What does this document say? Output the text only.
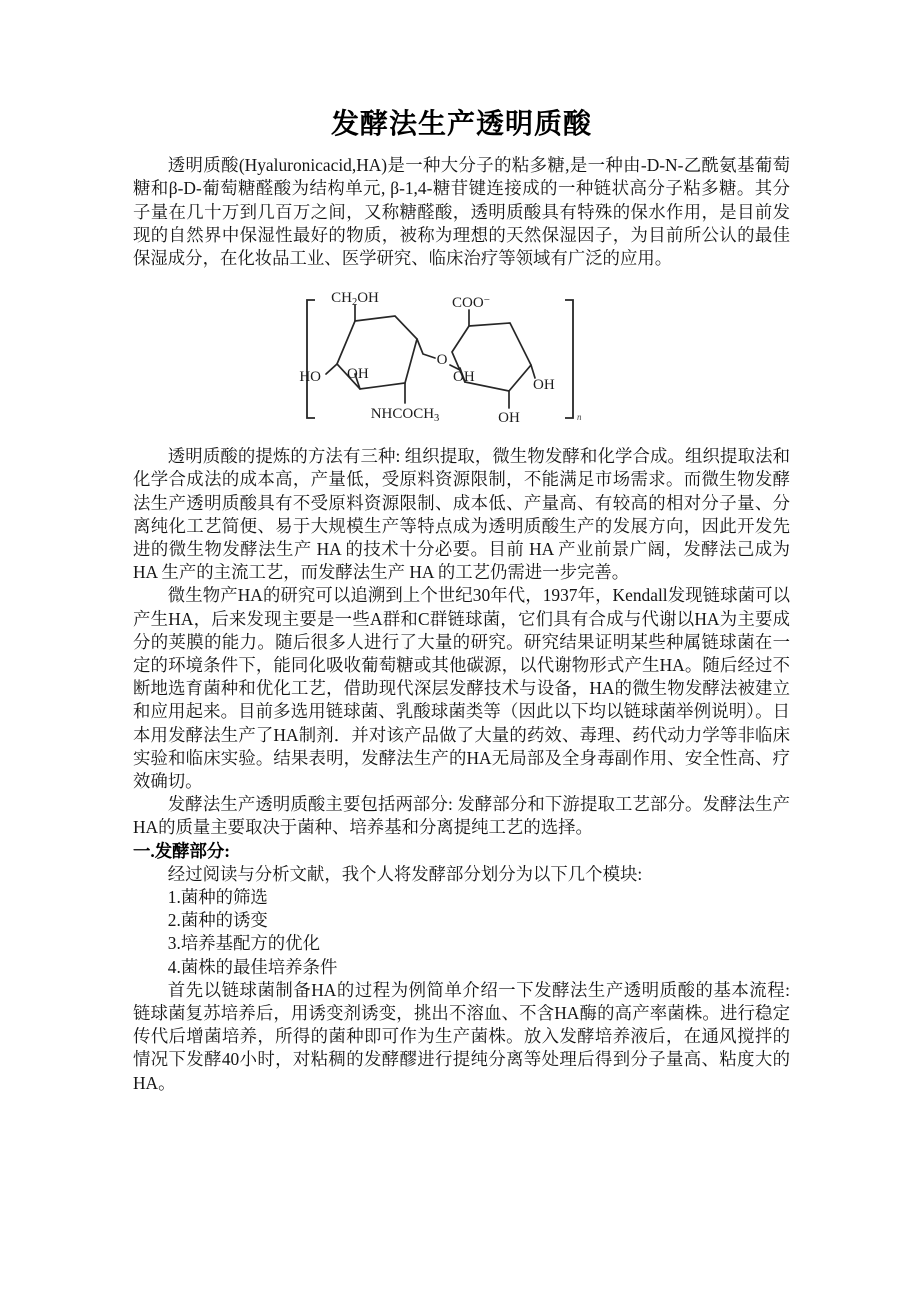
发酵法生产透明质酸

透明质酸(Hyaluronicacid,HA)是一种大分子的粘多糖,是一种由-D-N-乙酰氨基葡萄糖和β-D-葡萄糖醛酸为结构单元, β-1,4-糖苷键连接成的一种链状高分子粘多糖。其分子量在几十万到几百万之间，又称糖醛酸，透明质酸具有特殊的保水作用，是目前发现的自然界中保湿性最好的物质，被称为理想的天然保湿因子，为目前所公认的最佳保湿成分，在化妆品工业、医学研究、临床治疗等领域有广泛的应用。

$CH_2OH$
HO OH
$NHCOCH_3$
O
COO−
OH	OH
OH	n

透明质酸的提炼的方法有三种: 组织提取，微生物发酵和化学合成。组织提取法和化学合成法的成本高，产量低，受原料资源限制，不能满足市场需求。而微生物发酵法生产透明质酸具有不受原料资源限制、成本低、产量高、有较高的相对分子量、分离纯化工艺简便、易于大规模生产等特点成为透明质酸生产的发展方向，因此开发先进的微生物发酵法生产 HA 的技术十分必要。目前 HA 产业前景广阔，发酵法己成为 HA 生产的主流工艺，而发酵法生产 HA 的工艺仍需进一步完善。

微生物产HA的研究可以追溯到上个世纪30年代，1937年，Kendall发现链球菌可以产生HA，后来发现主要是一些A群和C群链球菌，它们具有合成与代谢以HA为主要成分的荚膜的能力。随后很多人进行了大量的研究。研究结果证明某些种属链球菌在一定的环境条件下，能同化吸收葡萄糖或其他碳源，以代谢物形式产生HA。随后经过不断地选育菌种和优化工艺，借助现代深层发酵技术与设备，HA的微生物发酵法被建立和应用起来。目前多选用链球菌、乳酸球菌类等（因此以下均以链球菌举例说明）。日本用发酵法生产了HA制剂．并对该产品做了大量的药效、毒理、药代动力学等非临床实验和临床实验。结果表明，发酵法生产的HA无局部及全身毒副作用、安全性高、疗效确切。

发酵法生产透明质酸主要包括两部分: 发酵部分和下游提取工艺部分。发酵法生产HA的质量主要取决于菌种、培养基和分离提纯工艺的选择。

一.发酵部分:

经过阅读与分析文献，我个人将发酵部分划分为以下几个模块:

1.菌种的筛选

2.菌种的诱变

3.培养基配方的优化

4.菌株的最佳培养条件

首先以链球菌制备HA的过程为例简单介绍一下发酵法生产透明质酸的基本流程: 链球菌复苏培养后，用诱变剂诱变，挑出不溶血、不含HA酶的高产率菌株。进行稳定传代后增菌培养，所得的菌种即可作为生产菌株。放入发酵培养液后，在通风搅拌的情况下发酵40小时，对粘稠的发酵醪进行提纯分离等处理后得到分子量高、粘度大的HA。
